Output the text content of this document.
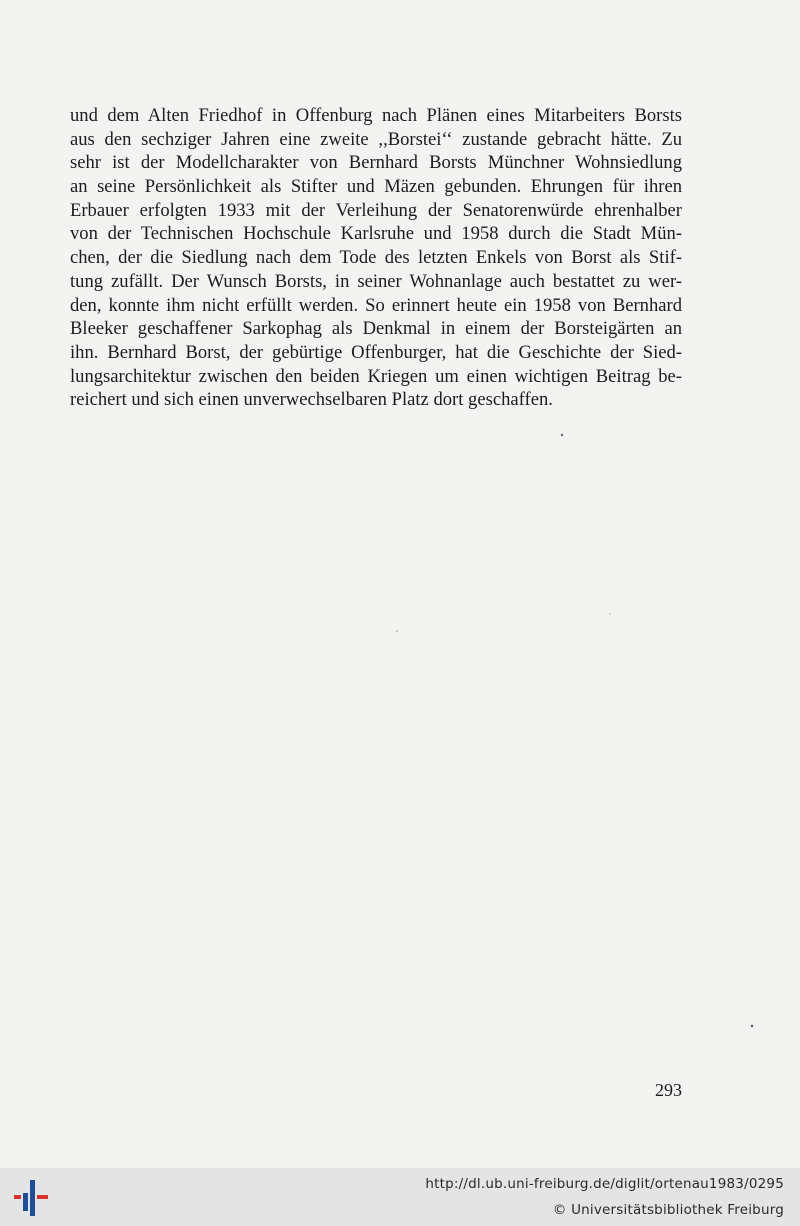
und dem Alten Friedhof in Offenburg nach Plänen eines Mitarbeiters Borsts
aus den sechziger Jahren eine zweite ,,Borstei‘‘ zustande gebracht hätte. Zu
sehr ist der Modellcharakter von Bernhard Borsts Münchner Wohnsiedlung
an seine Persönlichkeit als Stifter und Mäzen gebunden. Ehrungen für ihren
Erbauer erfolgten 1933 mit der Verleihung der Senatorenwürde ehrenhalber
von der Technischen Hochschule Karlsruhe und 1958 durch die Stadt Mün-
chen, der die Siedlung nach dem Tode des letzten Enkels von Borst als Stif-
tung zufällt. Der Wunsch Borsts, in seiner Wohnanlage auch bestattet zu wer-
den, konnte ihm nicht erfüllt werden. So erinnert heute ein 1958 von Bernhard
Bleeker geschaffener Sarkophag als Denkmal in einem der Borsteigärten an
ihn. Bernhard Borst, der gebürtige Offenburger, hat die Geschichte der Sied-
lungsarchitektur zwischen den beiden Kriegen um einen wichtigen Beitrag be-
reichert und sich einen unverwechselbaren Platz dort geschaffen.
293
http://dl.ub.uni-freiburg.de/diglit/ortenau1983/0295
© Universitätsbibliothek Freiburg
